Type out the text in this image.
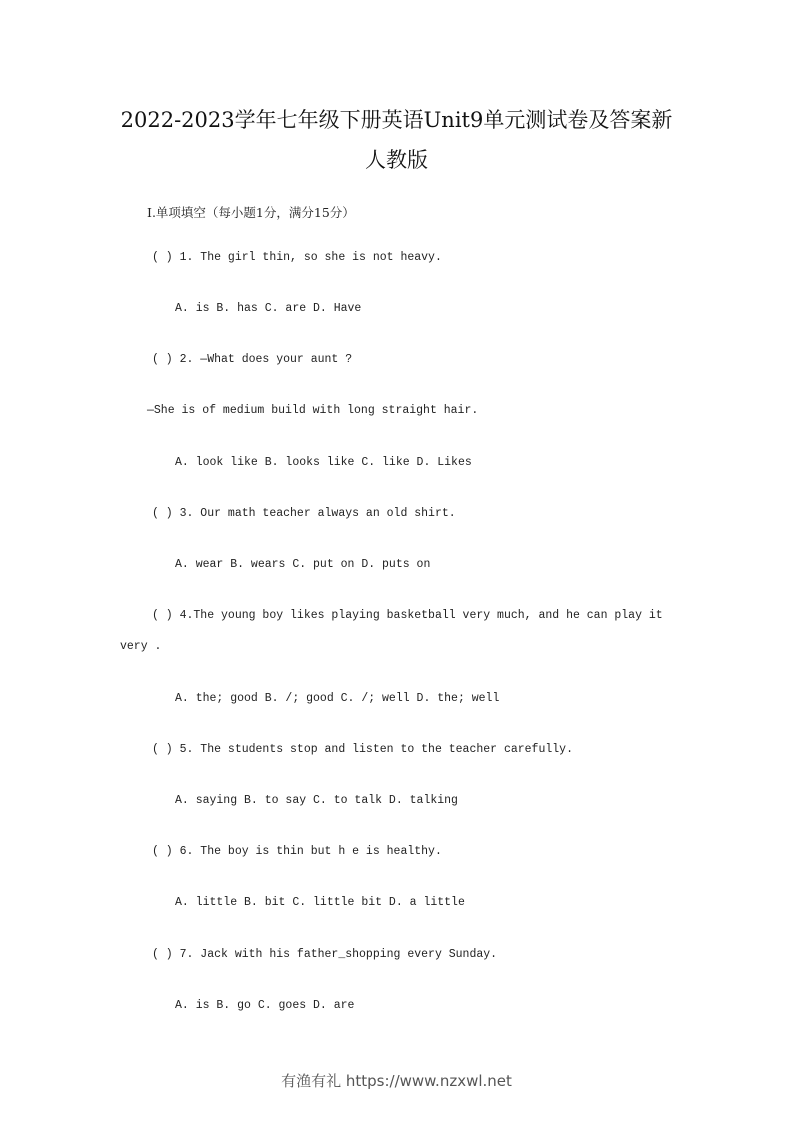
2022-2023学年七年级下册英语Unit9单元测试卷及答案新
人教版
I.单项填空（每小题1分，满分15分）
( ) 1. The girl thin, so she is not heavy.
A. is B. has C. are D. Have
( ) 2. —What does your aunt ?
—She is of medium build with long straight hair.
A. look like B. looks like C. like D. Likes
( ) 3. Our math teacher always an old shirt.
A. wear B. wears C. put on D. puts on
( ) 4.The young boy likes playing basketball very much, and he can play it
very .
A. the; good B. /; good C. /; well D. the; well
( ) 5. The students stop and listen to the teacher carefully.
A. saying B. to say C. to talk D. talking
( ) 6. The boy is thin but h e is healthy.
A. little B. bit C. little bit D. a little
( ) 7. Jack with his father_shopping every Sunday.
A. is B. go C. goes D. are
有渔有礼 https://www.nzxwl.net
